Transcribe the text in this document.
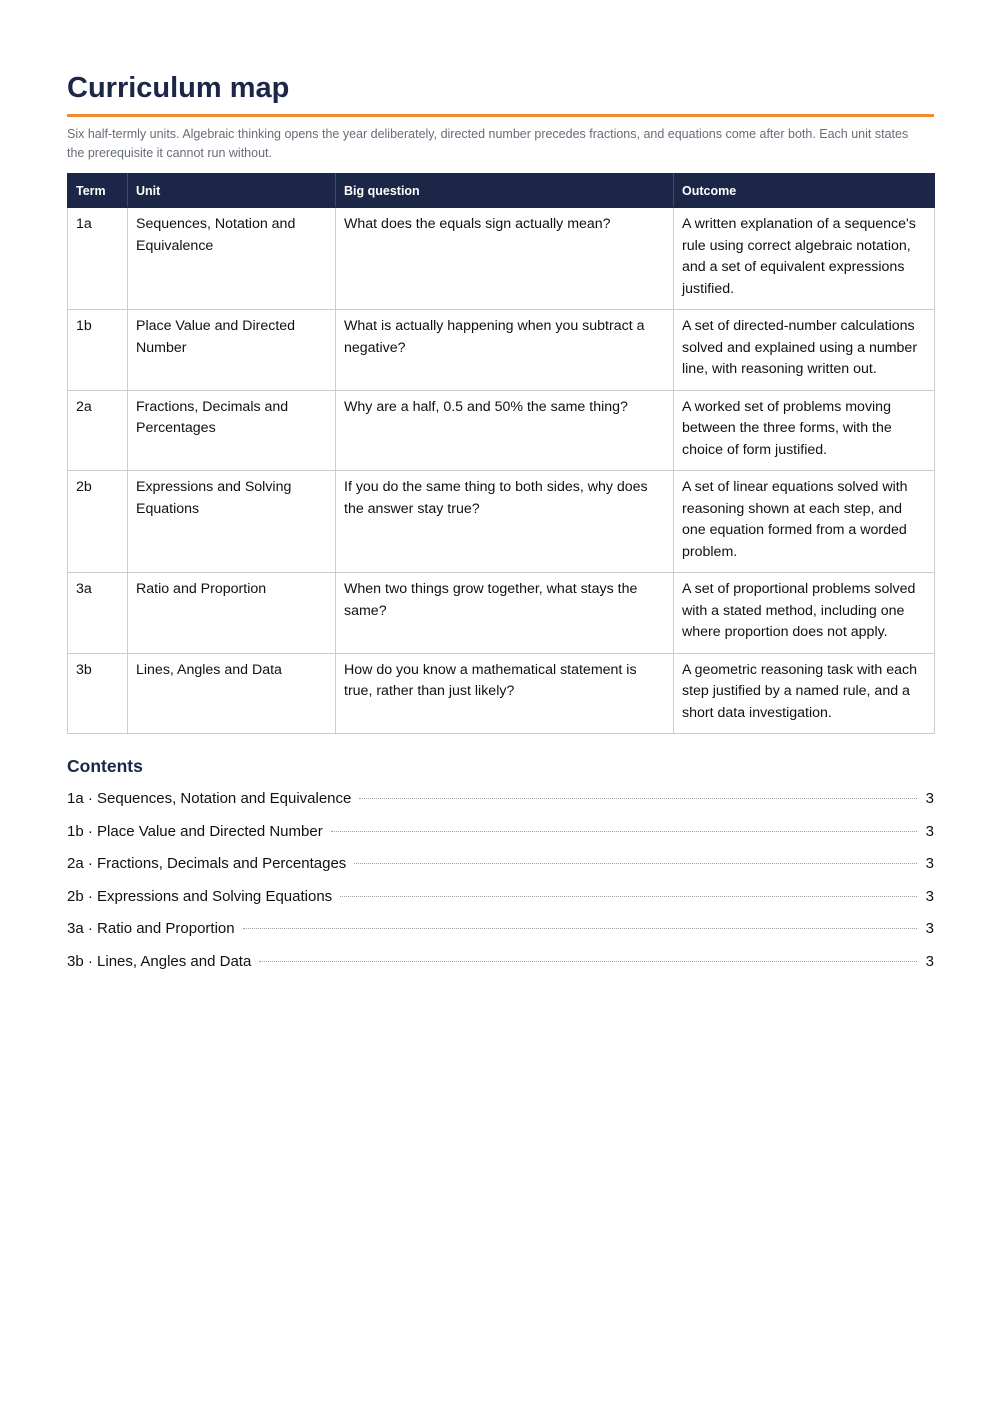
Curriculum map

Six half-termly units. Algebraic thinking opens the year deliberately, directed number precedes fractions, and equations come after both. Each unit states the prerequisite it cannot run without.

Term	Unit	Big question	Outcome
1a	Sequences, Notation and Equivalence	What does the equals sign actually mean?	A written explanation of a sequence's rule using correct algebraic notation, and a set of equivalent expressions justified.
1b	Place Value and Directed Number	What is actually happening when you subtract a negative?	A set of directed-number calculations solved and explained using a number line, with reasoning written out.
2a	Fractions, Decimals and Percentages	Why are a half, 0.5 and 50% the same thing?	A worked set of problems moving between the three forms, with the choice of form justified.
2b	Expressions and Solving Equations	If you do the same thing to both sides, why does the answer stay true?	A set of linear equations solved with reasoning shown at each step, and one equation formed from a worded problem.
3a	Ratio and Proportion	When two things grow together, what stays the same?	A set of proportional problems solved with a stated method, including one where proportion does not apply.
3b	Lines, Angles and Data	How do you know a mathematical statement is true, rather than just likely?	A geometric reasoning task with each step justified by a named rule, and a short data investigation.
Contents
1a · Sequences, Notation and Equivalence	3
1b · Place Value and Directed Number	3
2a · Fractions, Decimals and Percentages	3
2b · Expressions and Solving Equations	3
3a · Ratio and Proportion	3
3b · Lines, Angles and Data	3
